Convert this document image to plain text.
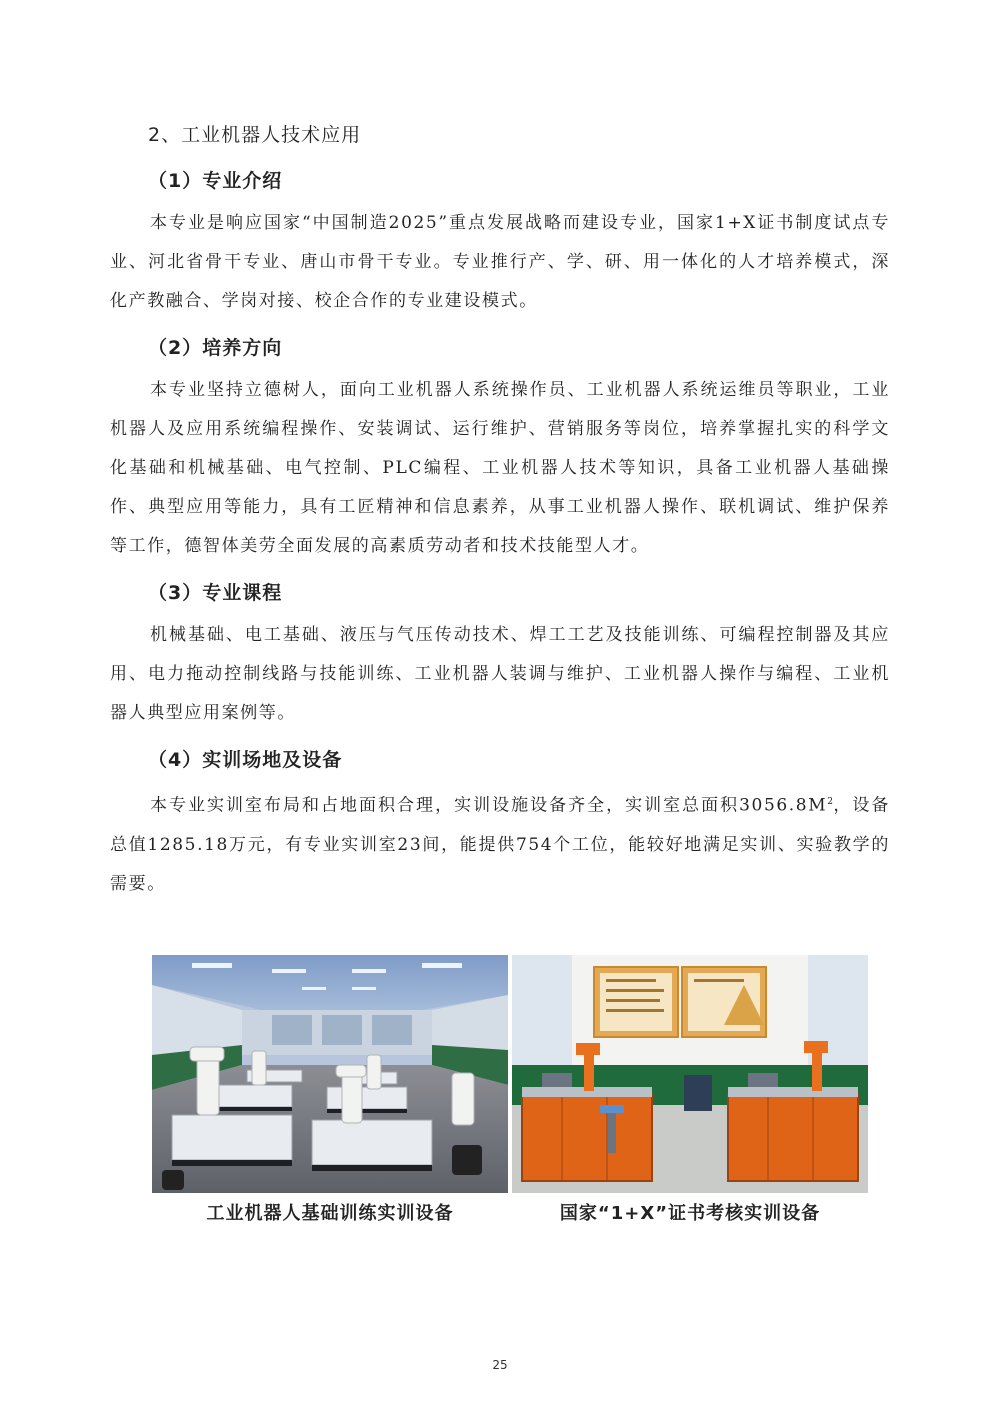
2、工业机器人技术应用
（1）专业介绍

本专业是响应国家“中国制造2025”重点发展战略而建设专业，国家1+X证书制度试点专业、河北省骨干专业、唐山市骨干专业。专业推行产、学、研、用一体化的人才培养模式，深化产教融合、学岗对接、校企合作的专业建设模式。

（2）培养方向

本专业坚持立德树人，面向工业机器人系统操作员、工业机器人系统运维员等职业，工业机器人及应用系统编程操作、安装调试、运行维护、营销服务等岗位，培养掌握扎实的科学文化基础和机械基础、电气控制、PLC编程、工业机器人技术等知识，具备工业机器人基础操作、典型应用等能力，具有工匠精神和信息素养，从事工业机器人操作、联机调试、维护保养等工作，德智体美劳全面发展的高素质劳动者和技术技能型人才。

（3）专业课程

机械基础、电工基础、液压与气压传动技术、焊工工艺及技能训练、可编程控制器及其应用、电力拖动控制线路与技能训练、工业机器人装调与维护、工业机器人操作与编程、工业机器人典型应用案例等。

（4）实训场地及设备

本专业实训室布局和占地面积合理，实训设施设备齐全，实训室总面积$3056.8M^2$，设备总值1285.18万元，有专业实训室23间，能提供754个工位，能较好地满足实训、实验教学的需要。

工业机器人基础训练实训设备	国家“1+X”证书考核实训设备
25
